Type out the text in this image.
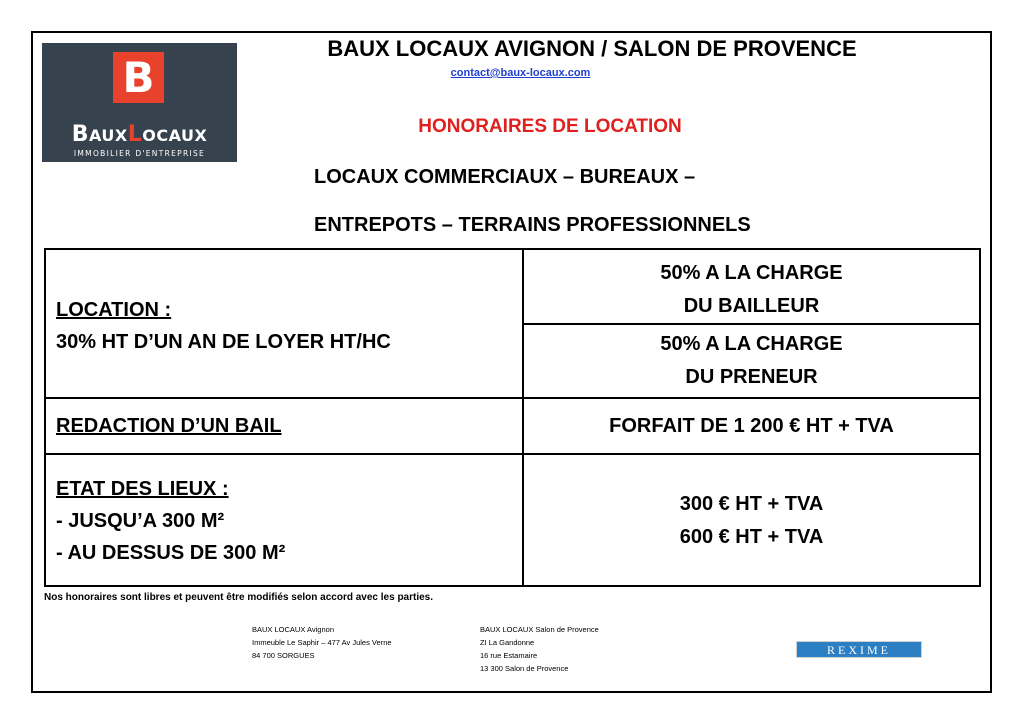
B
BAUXLOCAUX
IMMOBILIER D'ENTREPRISE
BAUX LOCAUX AVIGNON / SALON DE PROVENCE
contact@baux-locaux.com
HONORAIRES DE LOCATION
LOCAUX COMMERCIAUX – BUREAUX –
ENTREPOTS – TERRAINS PROFESSIONNELS
LOCATION :
30% HT D’UN AN DE LOYER HT/HC
50% A LA CHARGE
DU BAILLEUR
50% A LA CHARGE
DU PRENEUR
REDACTION D’UN BAIL	FORFAIT DE 1 200 € HT + TVA
ETAT DES LIEUX :
- JUSQU’A 300 M²
- AU DESSUS DE 300 M²
300 € HT + TVA
600 € HT + TVA
Nos honoraires sont libres et peuvent être modifiés selon accord avec les parties.
BAUX LOCAUX Avignon
Immeuble Le Saphir – 477 Av Jules Verne
84 700 SORGUES
BAUX LOCAUX Salon de Provence
ZI La Gandonne
16 rue Estamaire
13 300 Salon de Provence
REXIME
